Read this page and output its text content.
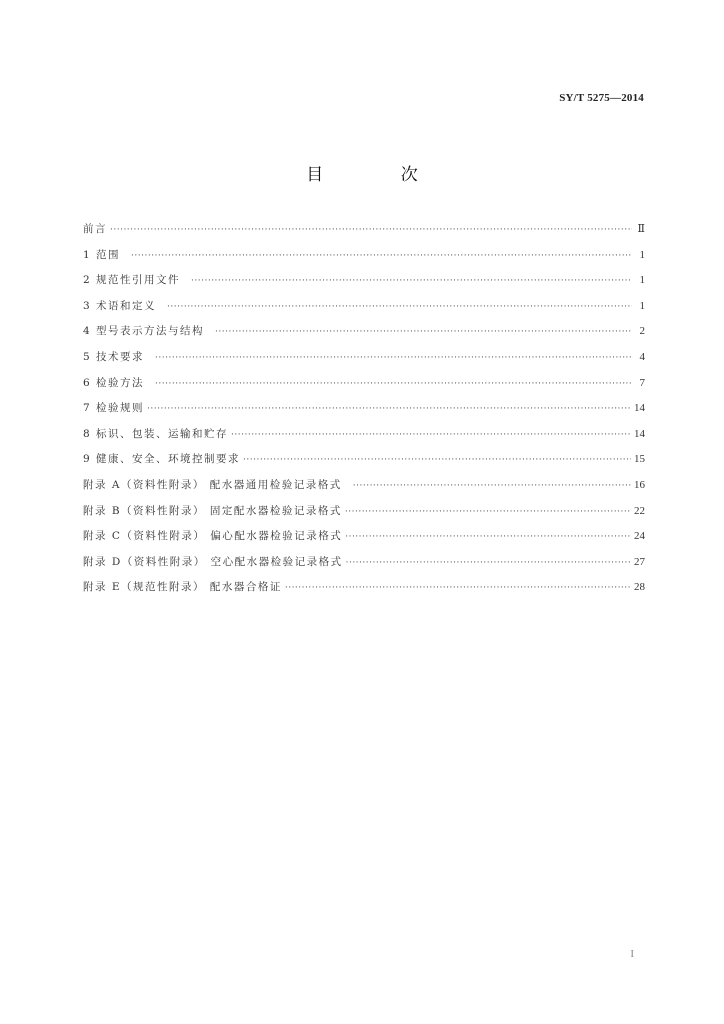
SY/T 5275—2014
目 次
前言 ·····	Ⅱ
1 范围 ·····	1
2 规范性引用文件 ·····	1
3 术语和定义 ·····	1
4 型号表示方法与结构 ·····	2
5 技术要求 ·····	4
6 检验方法 ·····	7
7 检验规则 ·····	14
8 标识、包装、运输和贮存 ·····	14
9 健康、安全、环境控制要求 ·····	15
附录 A（资料性附录） 配水器通用检验记录格式 ·····	16
附录 B（资料性附录） 固定配水器检验记录格式 ·····	22
附录 C（资料性附录） 偏心配水器检验记录格式 ·····	24
附录 D（资料性附录） 空心配水器检验记录格式 ·····	27
附录 E（规范性附录） 配水器合格证 ·····	28
I
